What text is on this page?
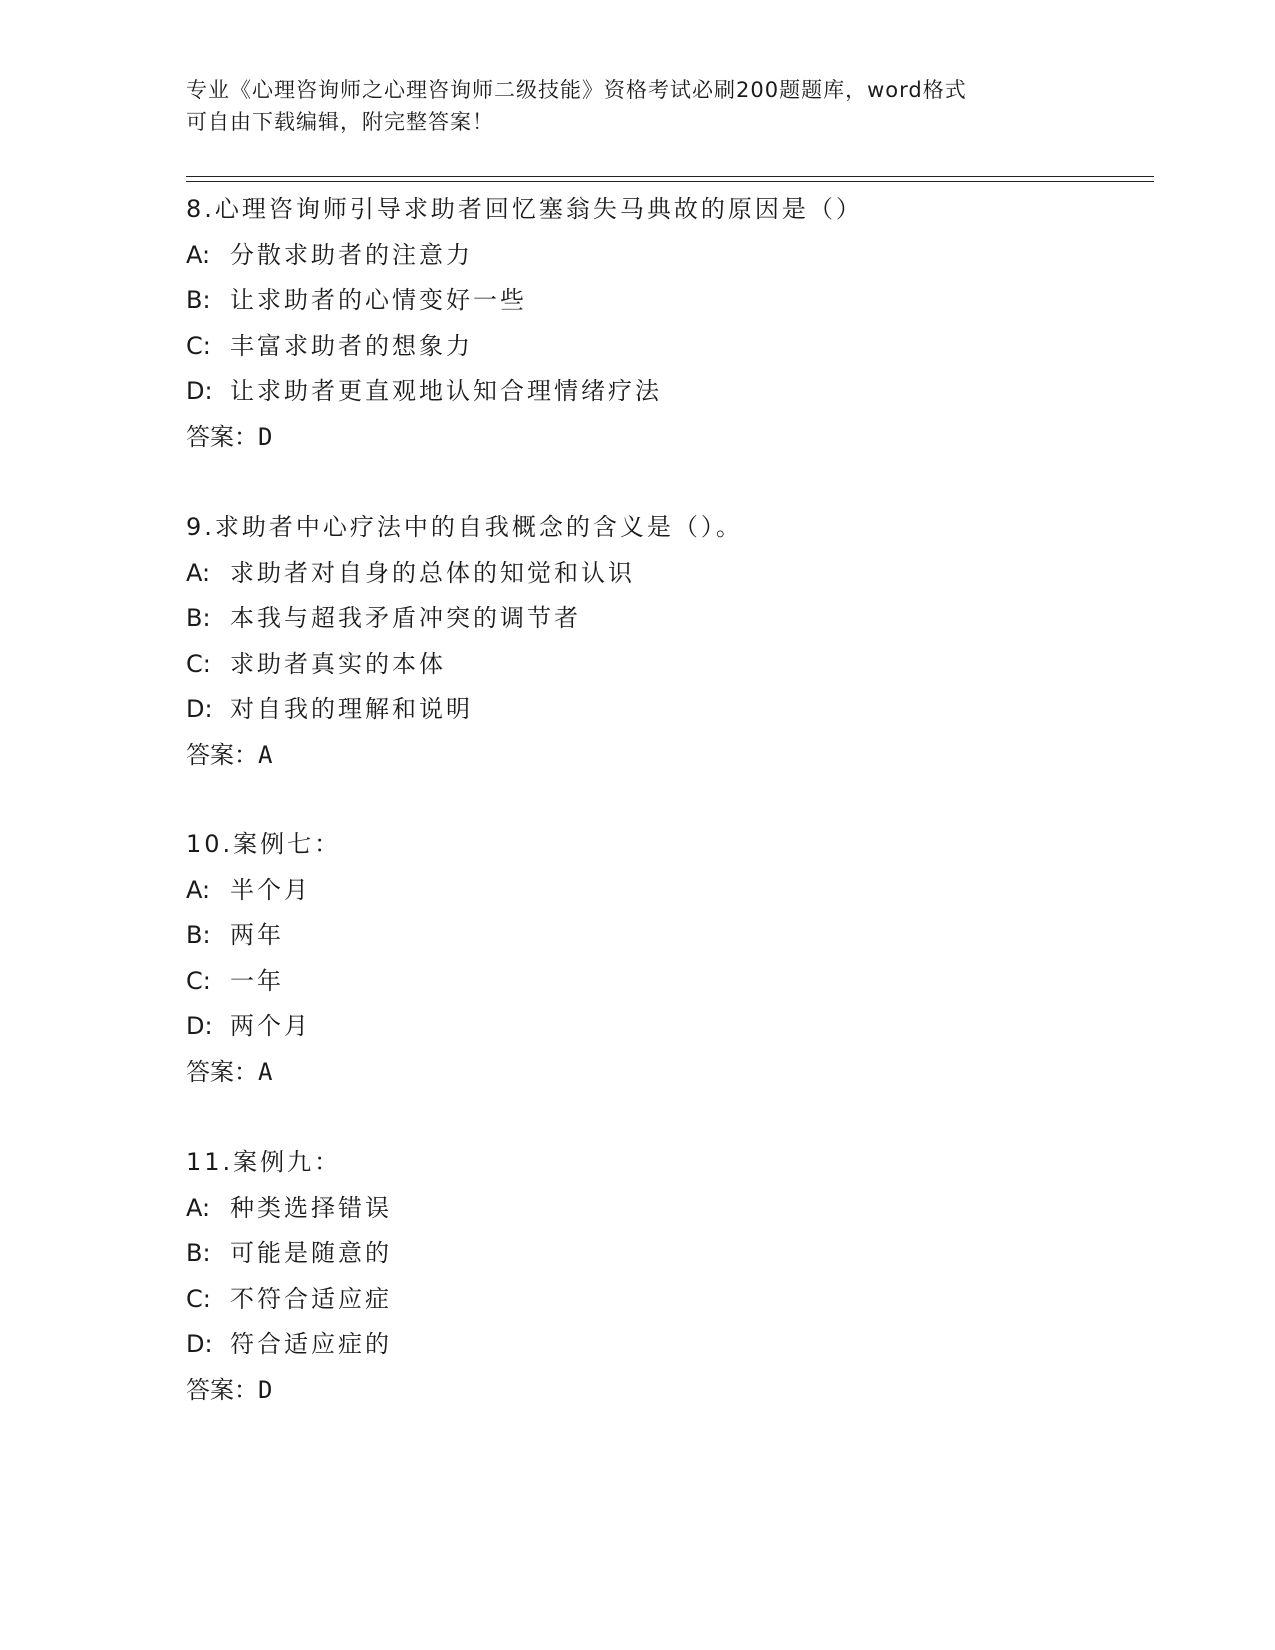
专业《心理咨询师之心理咨询师二级技能》资格考试必刷200题题库，word格式
可自由下载编辑，附完整答案！
8.心理咨询师引导求助者回忆塞翁失马典故的原因是（）
A: 分散求助者的注意力
B: 让求助者的心情变好一些
C: 丰富求助者的想象力
D: 让求助者更直观地认知合理情绪疗法
答案：D
9.求助者中心疗法中的自我概念的含义是（）。
A: 求助者对自身的总体的知觉和认识
B: 本我与超我矛盾冲突的调节者
C: 求助者真实的本体
D: 对自我的理解和说明
答案：A
10.案例七：
A: 半个月
B: 两年
C: 一年
D: 两个月
答案：A
11.案例九：
A: 种类选择错误
B: 可能是随意的
C: 不符合适应症
D: 符合适应症的
答案：D
